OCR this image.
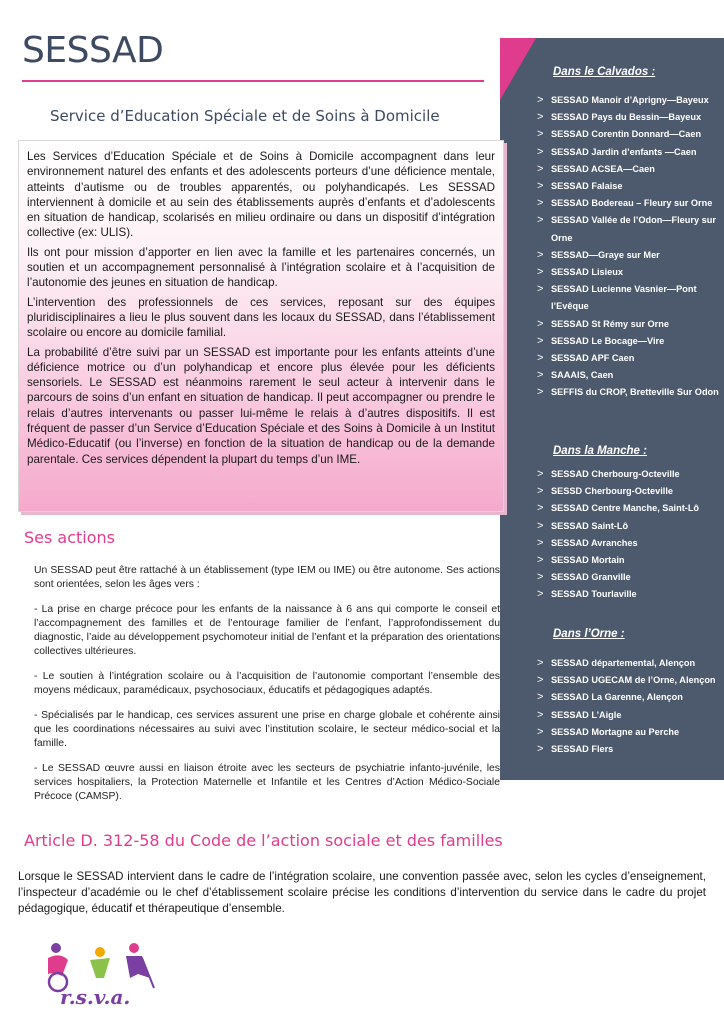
SESSAD
Service d’Education Spéciale et de Soins à Domicile
Dans le Calvados :
> SESSAD Manoir d’Aprigny—Bayeux
> SESSAD Pays du Bessin—Bayeux
> SESSAD Corentin Donnard—Caen
> SESSAD Jardin d’enfants —Caen
> SESSAD ACSEA—Caen
> SESSAD Falaise
> SESSAD Bodereau – Fleury sur Orne
> SESSAD Vallée de l’Odon—Fleury sur Orne
> SESSAD—Graye sur Mer
> SESSAD Lisieux
> SESSAD Lucienne Vasnier—Pont l’Evêque
> SESSAD St Rémy sur Orne
> SESSAD Le Bocage—Vire
> SESSAD APF Caen
> SAAAIS, Caen
> SEFFIS du CROP, Bretteville Sur Odon
Dans la Manche :
> SESSAD Cherbourg-Octeville
> SESSD Cherbourg-Octeville
> SESSAD Centre Manche, Saint-Lô
> SESSAD Saint-Lô
> SESSAD Avranches
> SESSAD Mortain
> SESSAD Granville
> SESSAD Tourlaville
Dans l’Orne :
> SESSAD départemental, Alençon
> SESSAD UGECAM de l’Orne, Alençon
> SESSAD La Garenne, Alençon
> SESSAD L’Aigle
> SESSAD Mortagne au Perche
> SESSAD Flers

Les Services d’Education Spéciale et de Soins à Domicile accompagnent dans leur environnement naturel des enfants et des adolescents porteurs d’une déficience mentale, atteints d’autisme ou de troubles apparentés, ou polyhandicapés. Les SESSAD interviennent à domicile et au sein des établissements auprès d’enfants et d’adolescents en situation de handicap, scolarisés en milieu ordinaire ou dans un dispositif d’intégration collective (ex: ULIS).

Ils ont pour mission d’apporter en lien avec la famille et les partenaires concernés, un soutien et un accompagnement personnalisé à l’intégration scolaire et à l’acquisition de l’autonomie des jeunes en situation de handicap.

L’intervention des professionnels de ces services, reposant sur des équipes pluridisciplinaires a lieu le plus souvent dans les locaux du SESSAD, dans l’établissement scolaire ou encore au domicile familial.

La probabilité d’être suivi par un SESSAD est importante pour les enfants atteints d’une déficience motrice ou d’un polyhandicap et encore plus élevée pour les déficients sensoriels. Le SESSAD est néanmoins rarement le seul acteur à intervenir dans le parcours de soins d’un enfant en situation de handicap. Il peut accompagner ou prendre le relais d’autres intervenants ou passer lui-même le relais à d’autres dispositifs. Il est fréquent de passer d’un Service d’Education Spéciale et des Soins à Domicile à un Institut Médico-Educatif (ou l’inverse) en fonction de la situation de handicap ou de la demande parentale. Ces services dépendent la plupart du temps d’un IME.

Ses actions

Un SESSAD peut être rattaché à un établissement (type IEM ou IME) ou être autonome. Ses actions sont orientées, selon les âges vers :

- La prise en charge précoce pour les enfants de la naissance à 6 ans qui comporte le conseil et l’accompagnement des familles et de l’entourage familier de l’enfant, l’approfondissement du diagnostic, l’aide au développement psychomoteur initial de l’enfant et la préparation des orientations collectives ultérieures.

- Le soutien à l’intégration scolaire ou à l’acquisition de l’autonomie comportant l’ensemble des moyens médicaux, paramédicaux, psychosociaux, éducatifs et pédagogiques adaptés.

- Spécialisés par le handicap, ces services assurent une prise en charge globale et cohérente ainsi que les coordinations nécessaires au suivi avec l’institution scolaire, le secteur médico-social et la famille.

- Le SESSAD œuvre aussi en liaison étroite avec les secteurs de psychiatrie infanto-juvénile, les services hospitaliers, la Protection Maternelle et Infantile et les Centres d’Action Médico-Sociale Précoce (CAMSP).

Article D. 312-58 du Code de l’action sociale et des familles

Lorsque le SESSAD intervient dans le cadre de l’intégration scolaire, une convention passée avec, selon les cycles d’enseignement, l’inspecteur d’académie ou le chef d’établissement scolaire précise les conditions d’intervention du service dans le cadre du projet pédagogique, éducatif et thérapeutique d’ensemble.

r.s.v.a.
